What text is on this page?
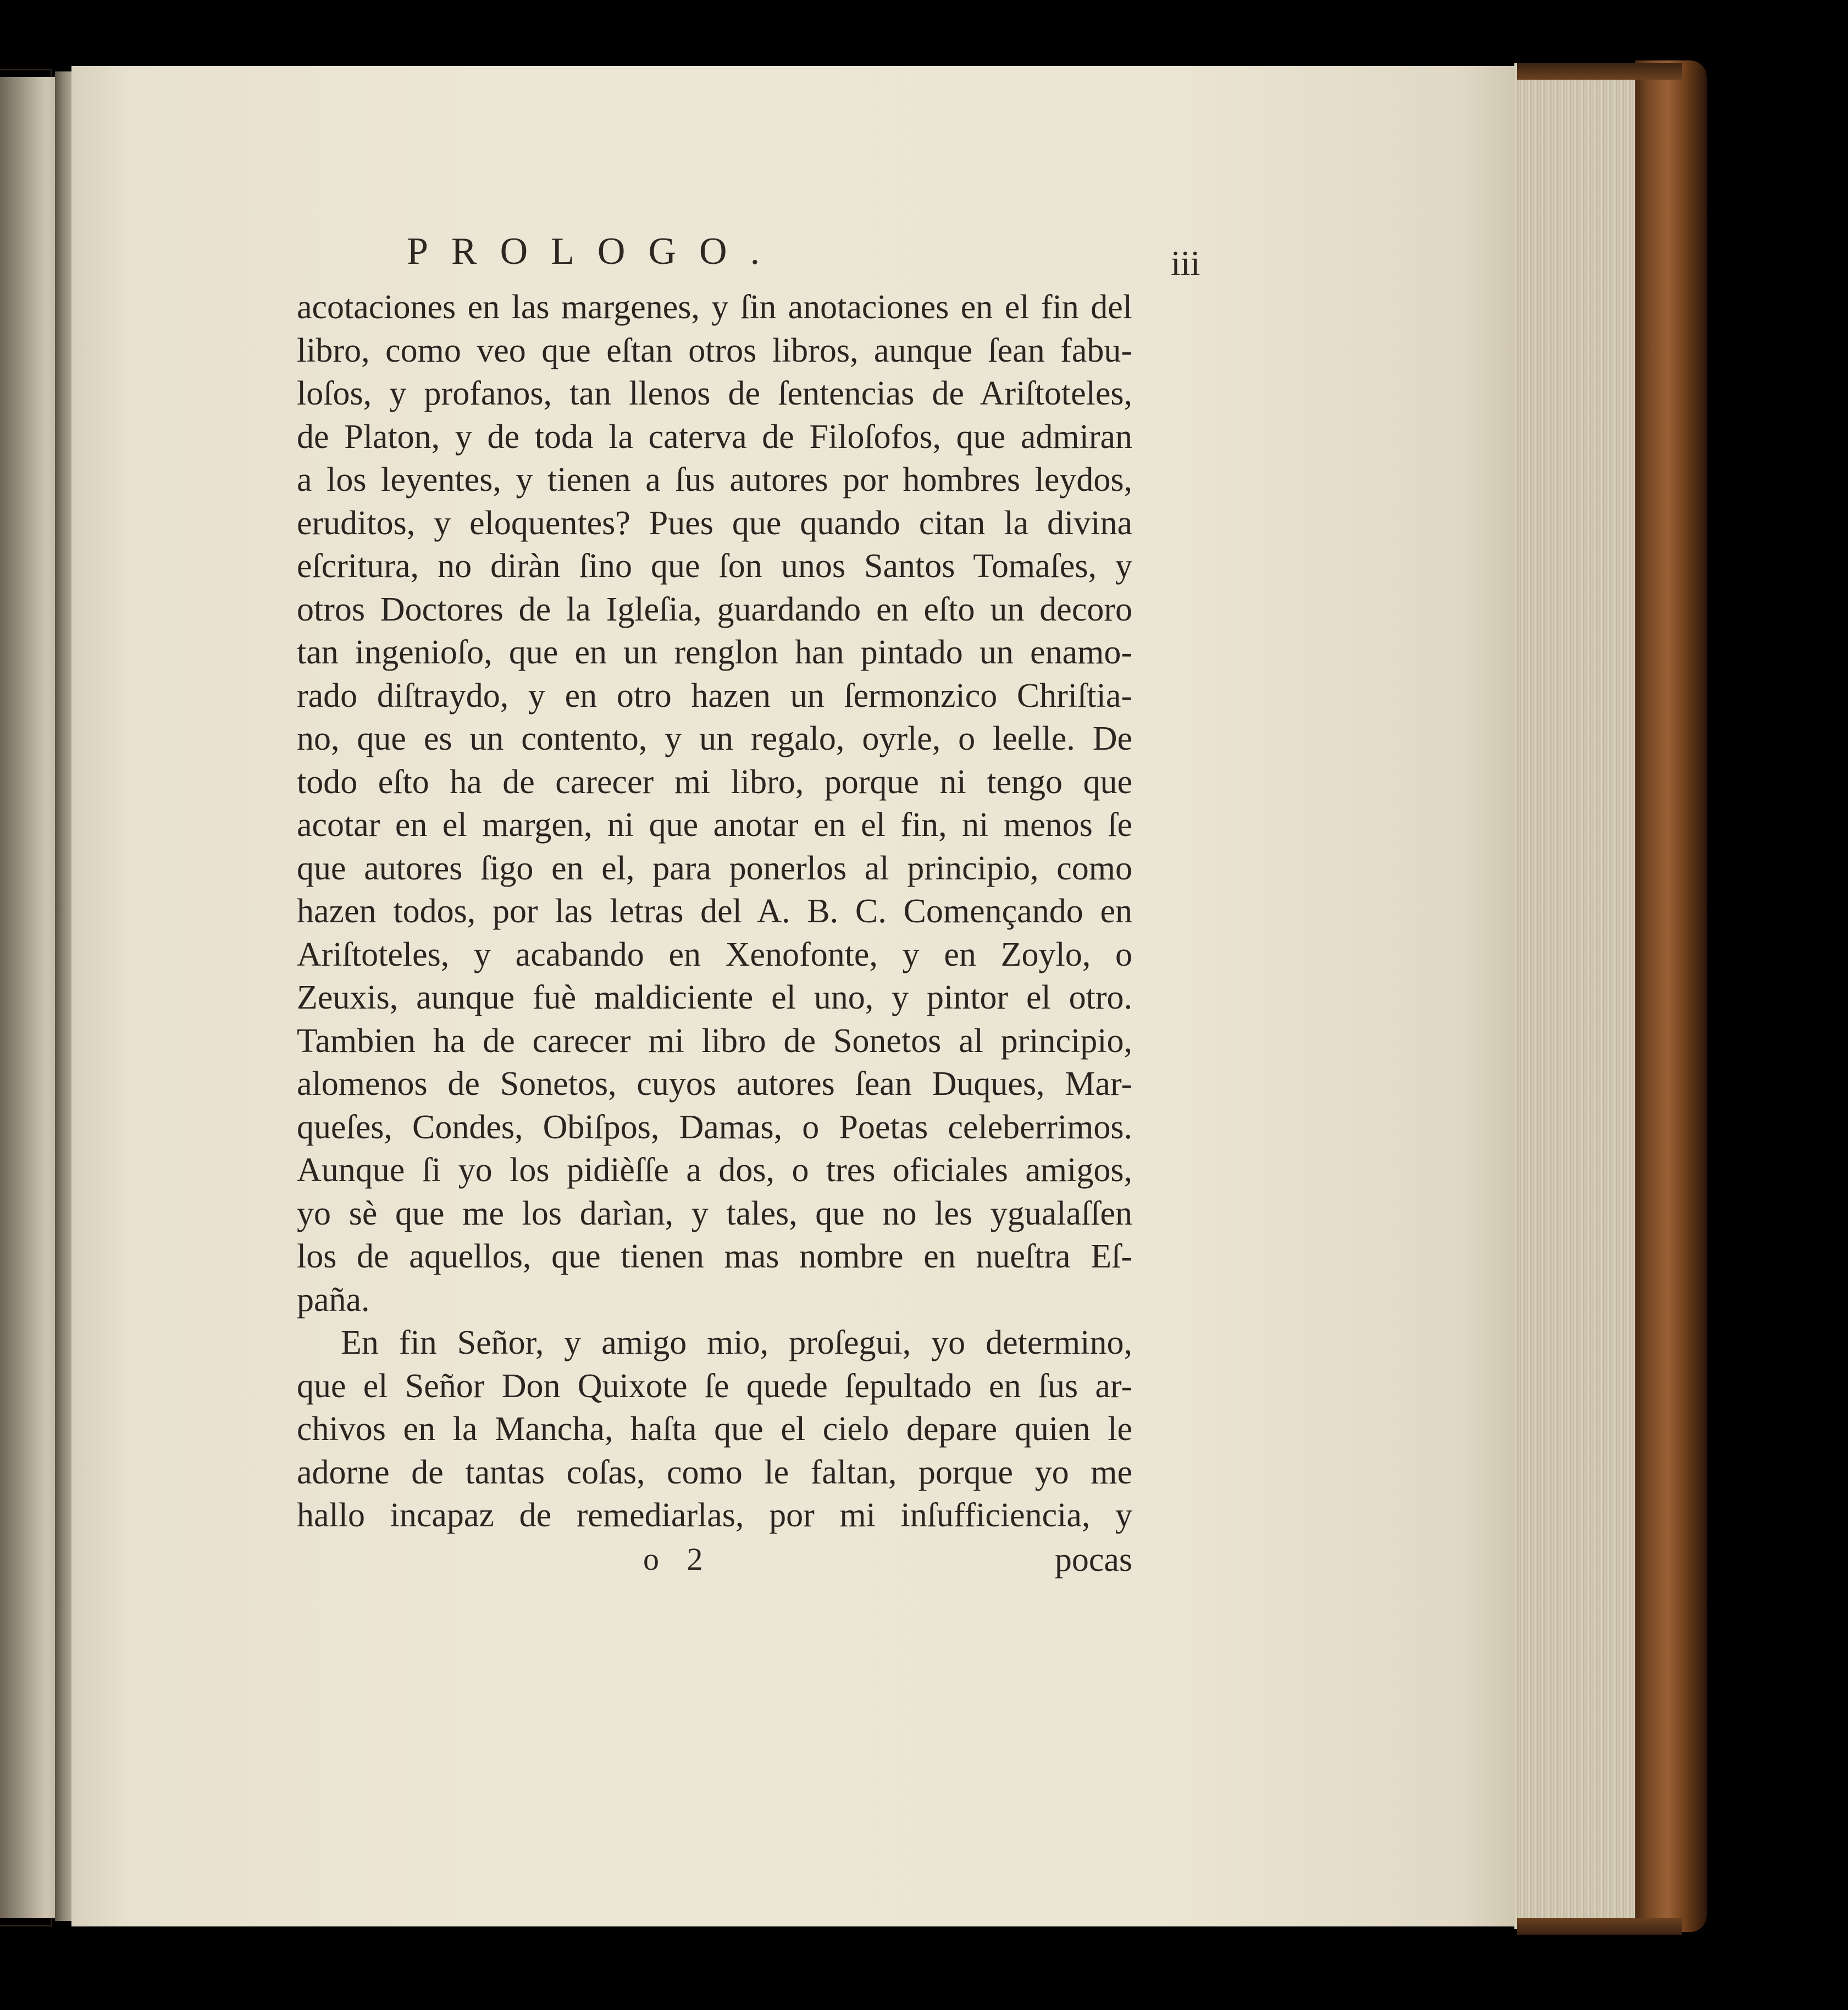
PROLOGO.	iii
acotaciones en las margenes, y ſin anotaciones en el fin del
libro, como veo que eſtan otros libros, aunque ſean fabu-
loſos, y profanos, tan llenos de ſentencias de Ariſtoteles,
de Platon, y de toda la caterva de Filoſofos, que admiran
a los leyentes, y tienen a ſus autores por hombres leydos,
eruditos, y eloquentes? Pues que quando citan la divina
eſcritura, no diràn ſino que ſon unos Santos Tomaſes, y
otros Doctores de la Igleſia, guardando en eſto un decoro
tan ingenioſo, que en un renglon han pintado un enamo-
rado diſtraydo, y en otro hazen un ſermonzico Chriſtia-
no, que es un contento, y un regalo, oyrle, o leelle. De
todo eſto ha de carecer mi libro, porque ni tengo que
acotar en el margen, ni que anotar en el fin, ni menos ſe
que autores ſigo en el, para ponerlos al principio, como
hazen todos, por las letras del A. B. C. Començando en
Ariſtoteles, y acabando en Xenofonte, y en Zoylo, o
Zeuxis, aunque fuè maldiciente el uno, y pintor el otro.
Tambien ha de carecer mi libro de Sonetos al principio,
alomenos de Sonetos, cuyos autores ſean Duques, Mar-
queſes, Condes, Obiſpos, Damas, o Poetas celeberrimos.
Aunque ſi yo los pidièſſe a dos, o tres oficiales amigos,
yo sè que me los darìan, y tales, que no les ygualaſſen
los de aquellos, que tienen mas nombre en nueſtra Eſ-
paña.
En fin Señor, y amigo mio, proſegui, yo determino,
que el Señor Don Quixote ſe quede ſepultado en ſus ar-
chivos en la Mancha, haſta que el cielo depare quien le
adorne de tantas coſas, como le faltan, porque yo me
hallo incapaz de remediarlas, por mi inſufficiencia, y
o 2	pocas
